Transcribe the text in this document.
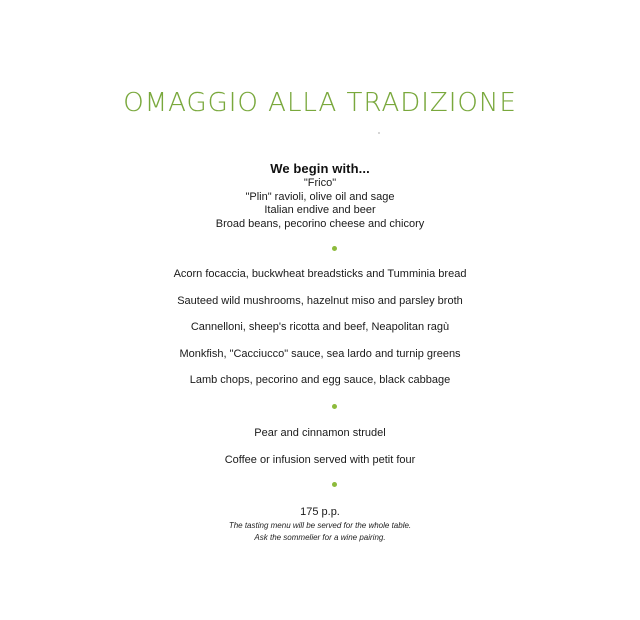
OMAGGIO ALLA TRADIZIONE
We begin with...
"Frico"
"Plin" ravioli, olive oil and sage
Italian endive and beer
Broad beans, pecorino cheese and chicory
Acorn focaccia, buckwheat breadsticks and Tumminia bread
Sauteed wild mushrooms, hazelnut miso and parsley broth
Cannelloni, sheep's ricotta and beef, Neapolitan ragù
Monkfish, "Cacciucco" sauce, sea lardo and turnip greens
Lamb chops, pecorino and egg sauce, black cabbage
Pear and cinnamon strudel
Coffee or infusion served with petit four
175 p.p.
The tasting menu will be served for the whole table.
Ask the sommelier for a wine pairing.
